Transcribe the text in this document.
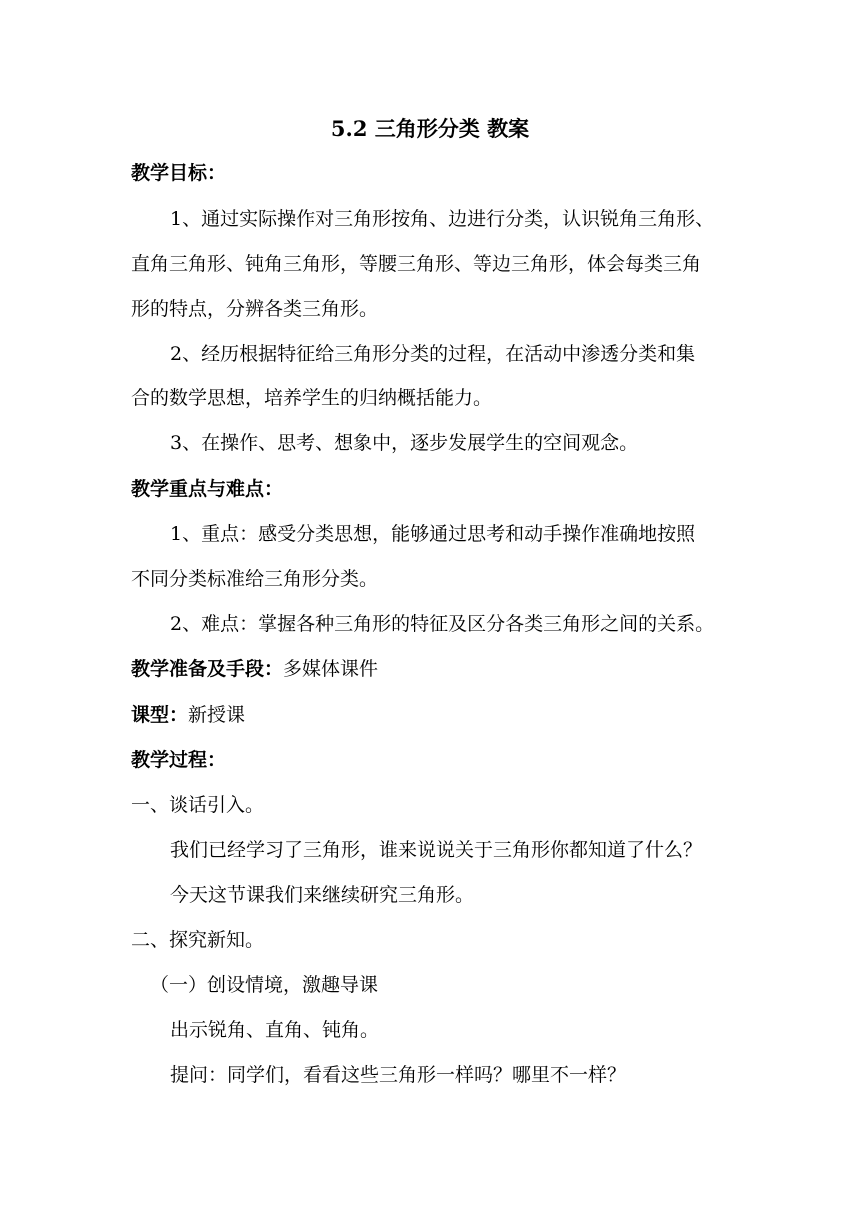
5.2 三角形分类 教案

教学目标：

1、通过实际操作对三角形按角、边进行分类，认识锐角三角形、

直角三角形、钝角三角形，等腰三角形、等边三角形，体会每类三角

形的特点，分辨各类三角形。

2、经历根据特征给三角形分类的过程，在活动中渗透分类和集

合的数学思想，培养学生的归纳概括能力。

3、在操作、思考、想象中，逐步发展学生的空间观念。

教学重点与难点：

1、重点：感受分类思想，能够通过思考和动手操作准确地按照

不同分类标准给三角形分类。

2、难点：掌握各种三角形的特征及区分各类三角形之间的关系。

教学准备及手段：多媒体课件

课型：新授课

教学过程：

一、谈话引入。

我们已经学习了三角形，谁来说说关于三角形你都知道了什么？

今天这节课我们来继续研究三角形。

二、探究新知。

（一）创设情境，激趣导课

出示锐角、直角、钝角。

提问：同学们，看看这些三角形一样吗？哪里不一样？
